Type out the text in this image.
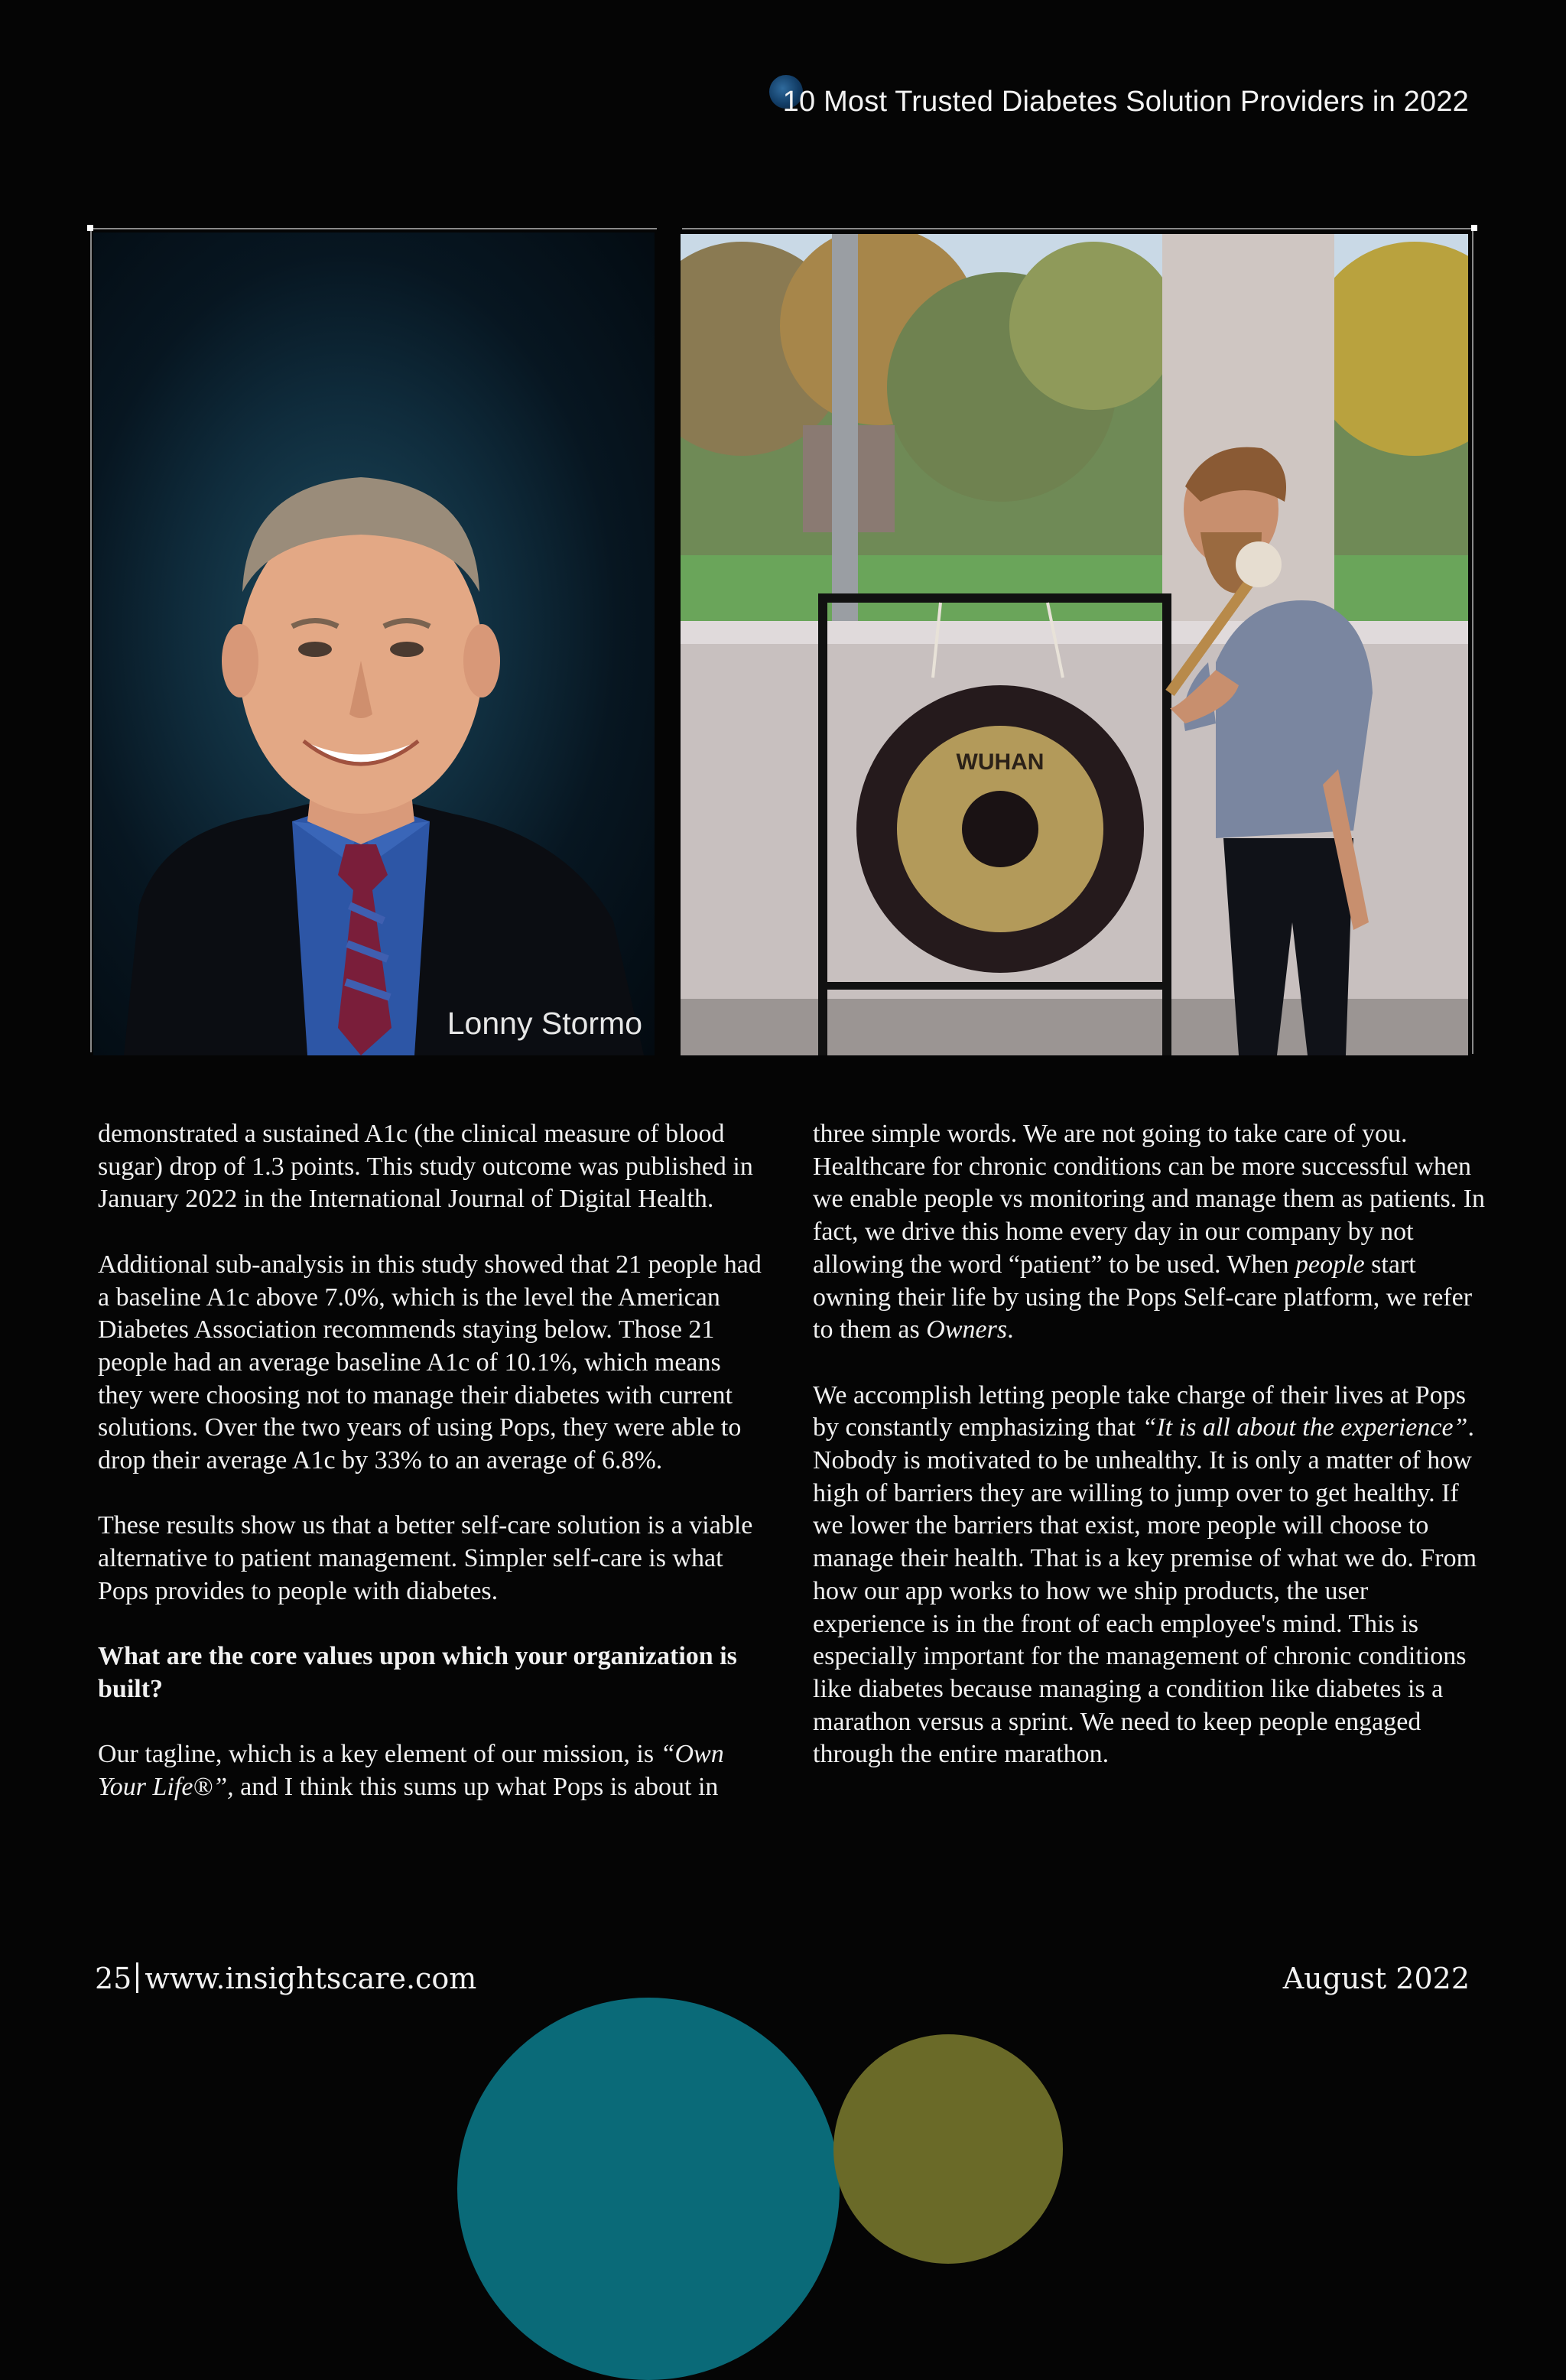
10 Most Trusted Diabetes Solution Providers in 2022
Lonny Stormo
WUHAN

demonstrated a sustained A1c (the clinical measure of blood sugar) drop of 1.3 points. This study outcome was published in January 2022 in the International Journal of Digital Health.

Additional sub-analysis in this study showed that 21 people had a baseline A1c above 7.0%, which is the level the American Diabetes Association recommends staying below. Those 21 people had an average baseline A1c of 10.1%, which means they were choosing not to manage their diabetes with current solutions. Over the two years of using Pops, they were able to drop their average A1c by 33% to an average of 6.8%.

These results show us that a better self-care solution is a viable alternative to patient management. Simpler self-care is what Pops provides to people with diabetes.

What are the core values upon which your organization is built?

Our tagline, which is a key element of our mission, is “Own Your Life®”, and I think this sums up what Pops is about in

three simple words. We are not going to take care of you. Healthcare for chronic conditions can be more successful when we enable people vs monitoring and manage them as patients. In fact, we drive this home every day in our company by not allowing the word “patient” to be used. When people start owning their life by using the Pops Self-care platform, we refer to them as Owners.

We accomplish letting people take charge of their lives at Pops by constantly emphasizing that “It is all about the experience”. Nobody is motivated to be unhealthy. It is only a matter of how high of barriers they are willing to jump over to get healthy. If we lower the barriers that exist, more people will choose to manage their health. That is a key premise of what we do. From how our app works to how we ship products, the user experience is in the front of each employee's mind. This is especially important for the management of chronic conditions like diabetes because managing a condition like diabetes is a marathon versus a sprint. We need to keep people engaged through the entire marathon.

25 www.insightscare.com	August 2022
